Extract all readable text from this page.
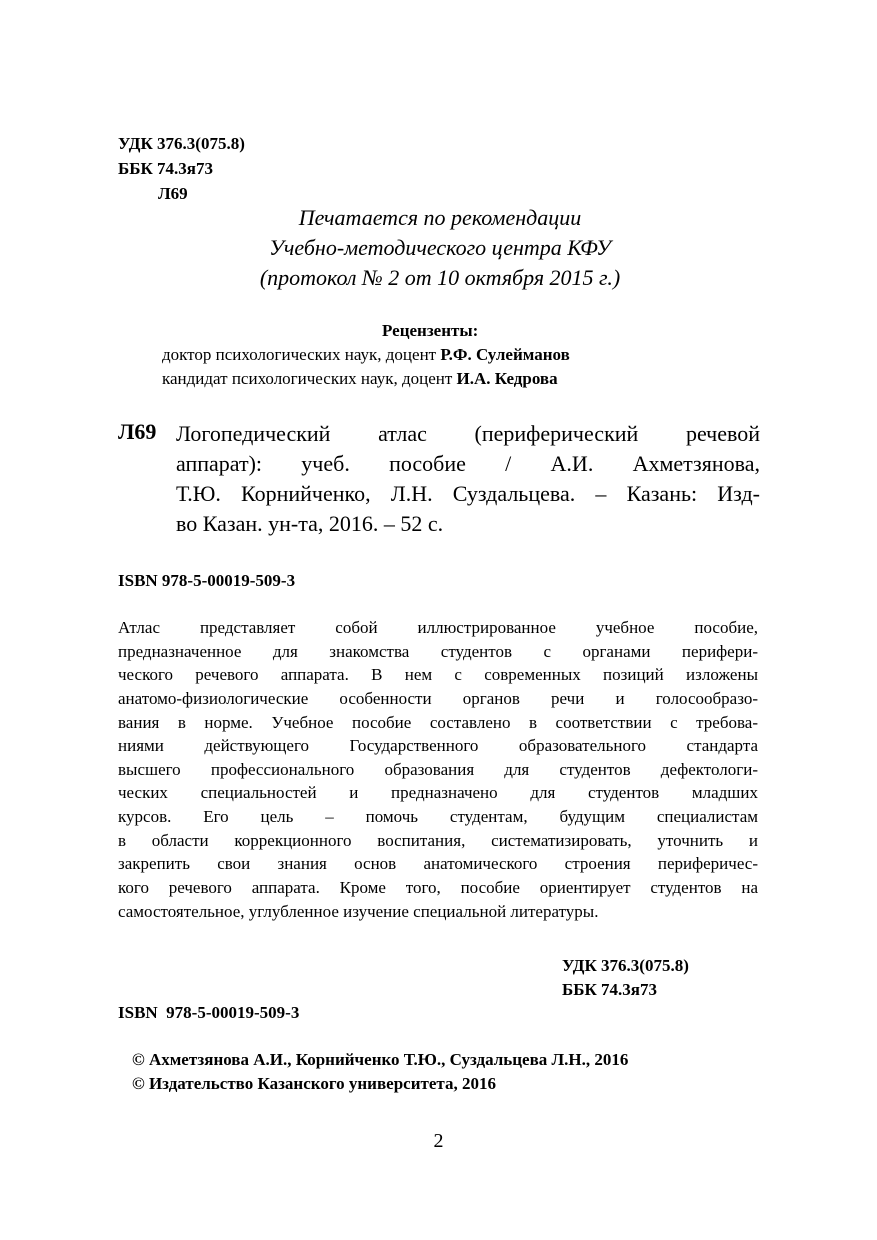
УДК 376.3(075.8)
ББК 74.3я73
Л69
Печатается по рекомендации
Учебно-методического центра КФУ
(протокол № 2 от 10 октября 2015 г.)
Рецензенты:
доктор психологических наук, доцент Р.Ф. Сулейманов
кандидат психологических наук, доцент И.А. Кедрова
Л69 Логопедический атлас (периферический речевой
аппарат): учеб. пособие / А.И. Ахметзянова,
Т.Ю. Корнийченко, Л.Н. Суздальцева. – Казань: Изд-
во Казан. ун-та, 2016. – 52 с.
ISBN 978-5-00019-509-3
Атлас представляет собой иллюстрированное учебное пособие,
предназначенное для знакомства студентов с органами перифери-
ческого речевого аппарата. В нем с современных позиций изложены
анатомо-физиологические особенности органов речи и голосообразо-
вания в норме. Учебное пособие составлено в соответствии с требова-
ниями действующего Государственного образовательного стандарта
высшего профессионального образования для студентов дефектологи-
ческих специальностей и предназначено для студентов младших
курсов. Его цель – помочь студентам, будущим специалистам
в области коррекционного воспитания, систематизировать, уточнить и
закрепить свои знания основ анатомического строения периферичес-
кого речевого аппарата. Кроме того, пособие ориентирует студентов на
самостоятельное, углубленное изучение специальной литературы.
УДК 376.3(075.8)
ББК 74.3я73
ISBN  978-5-00019-509-3
© Ахметзянова А.И., Корнийченко Т.Ю., Суздальцева Л.Н., 2016
© Издательство Казанского университета, 2016
2
